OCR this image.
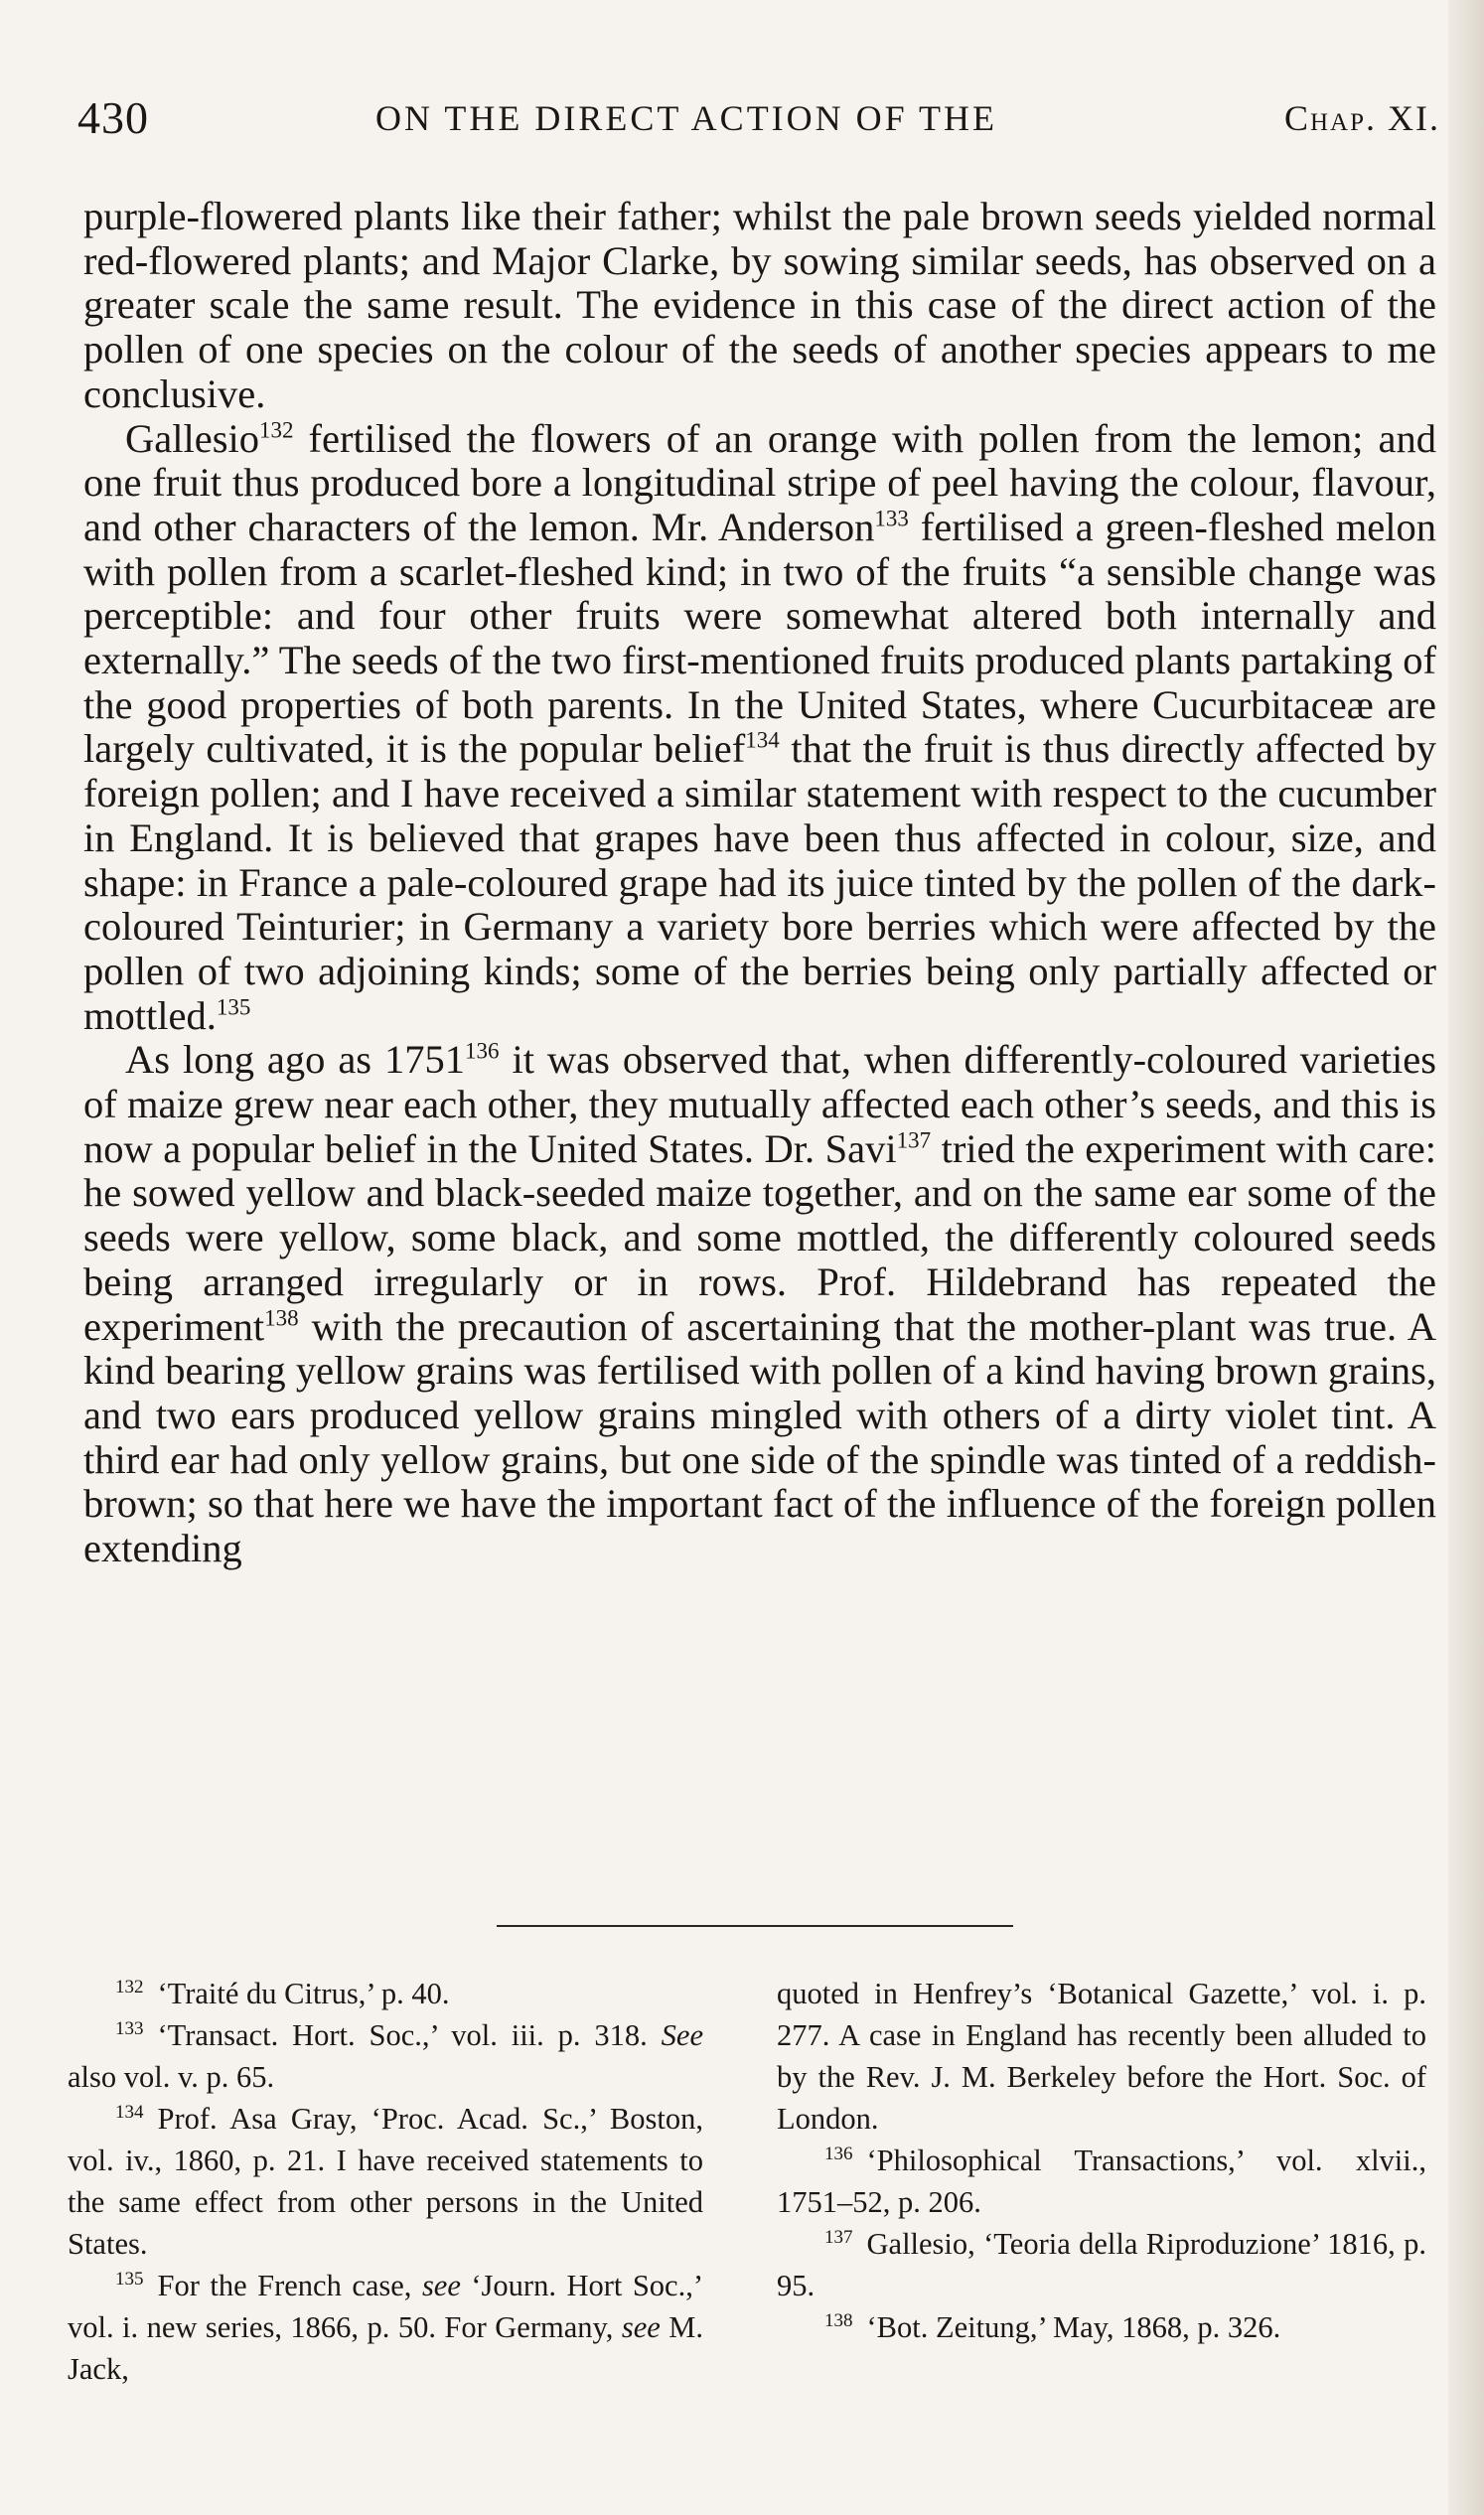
430	ON THE DIRECT ACTION OF THE	Chap. XI.

purple-flowered plants like their father; whilst the pale brown seeds yielded normal red-flowered plants; and Major Clarke, by sowing similar seeds, has observed on a greater scale the same result. The evidence in this case of the direct action of the pollen of one species on the colour of the seeds of another species appears to me conclusive.

Gallesio$^{132}$ fertilised the flowers of an orange with pollen from the lemon; and one fruit thus produced bore a longitudinal stripe of peel having the colour, flavour, and other characters of the lemon. Mr. Anderson$^{133}$ fertilised a green-fleshed melon with pollen from a scarlet-fleshed kind; in two of the fruits “a sensible change was perceptible: and four other fruits were somewhat altered both internally and externally.” The seeds of the two first-mentioned fruits produced plants partaking of the good properties of both parents. In the United States, where Cucurbitaceæ are largely cultivated, it is the popular belief$^{134}$ that the fruit is thus directly affected by foreign pollen; and I have received a similar statement with respect to the cucumber in England. It is believed that grapes have been thus affected in colour, size, and shape: in France a pale-coloured grape had its juice tinted by the pollen of the dark-coloured Teinturier; in Germany a variety bore berries which were affected by the pollen of two adjoining kinds; some of the berries being only partially affected or mottled.$^{135}$

As long ago as 1751$^{136}$ it was observed that, when differently-coloured varieties of maize grew near each other, they mutually affected each other’s seeds, and this is now a popular belief in the United States. Dr. Savi$^{137}$ tried the experiment with care: he sowed yellow and black-seeded maize together, and on the same ear some of the seeds were yellow, some black, and some mottled, the differently coloured seeds being arranged irregularly or in rows. Prof. Hildebrand has repeated the experiment$^{138}$ with the precaution of ascertaining that the mother-plant was true. A kind bearing yellow grains was fertilised with pollen of a kind having brown grains, and two ears produced yellow grains mingled with others of a dirty violet tint. A third ear had only yellow grains, but one side of the spindle was tinted of a reddish-brown; so that here we have the important fact of the influence of the foreign pollen extending

$^{132}$ ‘Traité du Citrus,’ p. 40.

$^{133}$ ‘Transact. Hort. Soc.,’ vol. iii. p. 318. See also vol. v. p. 65.

$^{134}$ Prof. Asa Gray, ‘Proc. Acad. Sc.,’ Boston, vol. iv., 1860, p. 21. I have received statements to the same effect from other persons in the United States.

$^{135}$ For the French case, see ‘Journ. Hort Soc.,’ vol. i. new series, 1866, p. 50. For Germany, see M. Jack,

quoted in Henfrey’s ‘Botanical Gazette,’ vol. i. p. 277. A case in England has recently been alluded to by the Rev. J. M. Berkeley before the Hort. Soc. of London.

$^{136}$ ‘Philosophical Transactions,’ vol. xlvii., 1751–52, p. 206.

$^{137}$ Gallesio, ‘Teoria della Riproduzione’ 1816, p. 95.

$^{138}$ ‘Bot. Zeitung,’ May, 1868, p. 326.
